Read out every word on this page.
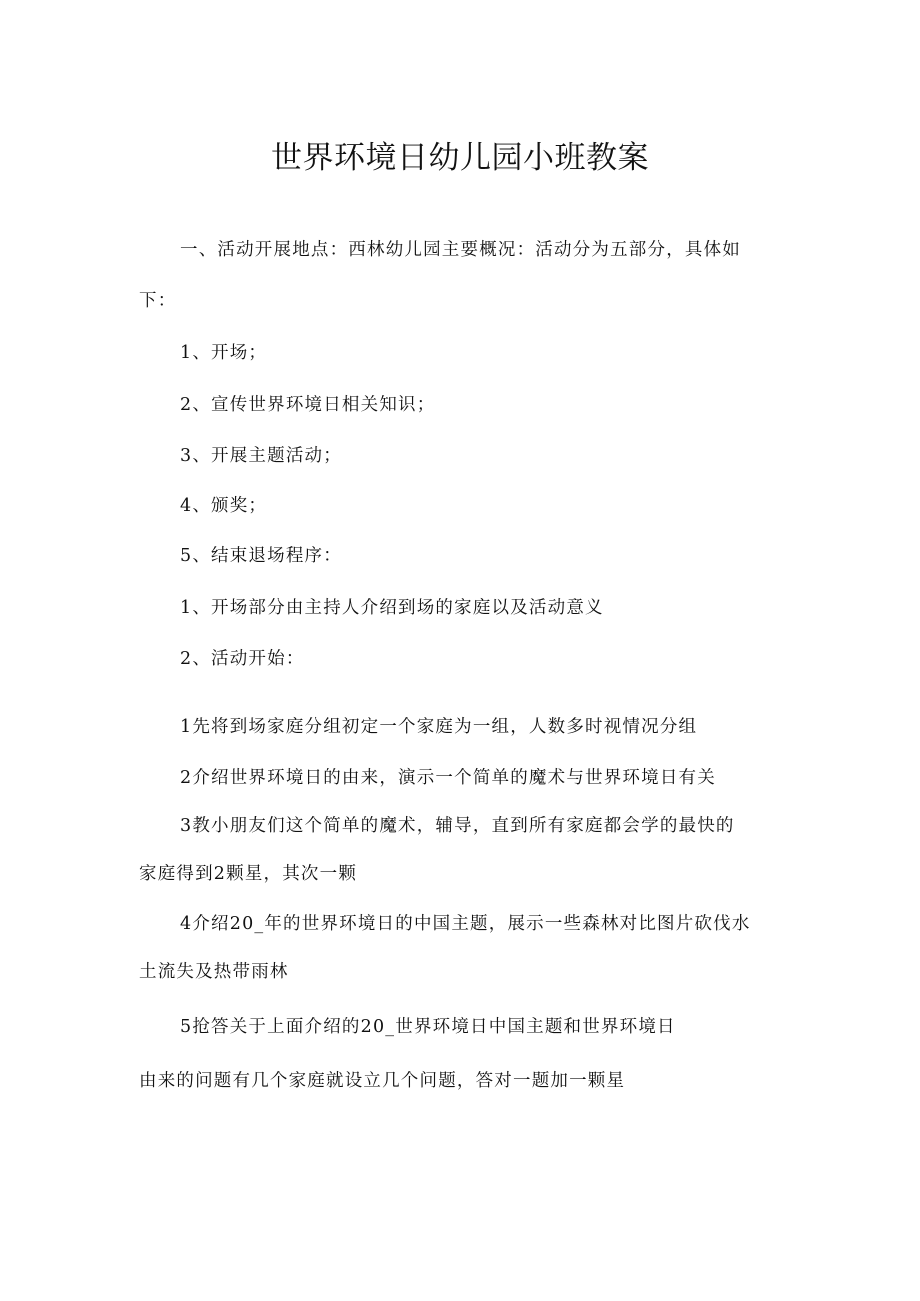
世界环境日幼儿园小班教案

一、活动开展地点：西林幼儿园主要概况：活动分为五部分，具体如

下：

1、开场；

2、宣传世界环境日相关知识；

3、开展主题活动；

4、颁奖；

5、结束退场程序：

1、开场部分由主持人介绍到场的家庭以及活动意义

2、活动开始：

1先将到场家庭分组初定一个家庭为一组，人数多时视情况分组

2介绍世界环境日的由来，演示一个简单的魔术与世界环境日有关

3教小朋友们这个简单的魔术，辅导，直到所有家庭都会学的最快的

家庭得到2颗星，其次一颗

4介绍20_年的世界环境日的中国主题，展示一些森林对比图片砍伐水

土流失及热带雨林

5抢答关于上面介绍的20_世界环境日中国主题和世界环境日

由来的问题有几个家庭就设立几个问题，答对一题加一颗星
